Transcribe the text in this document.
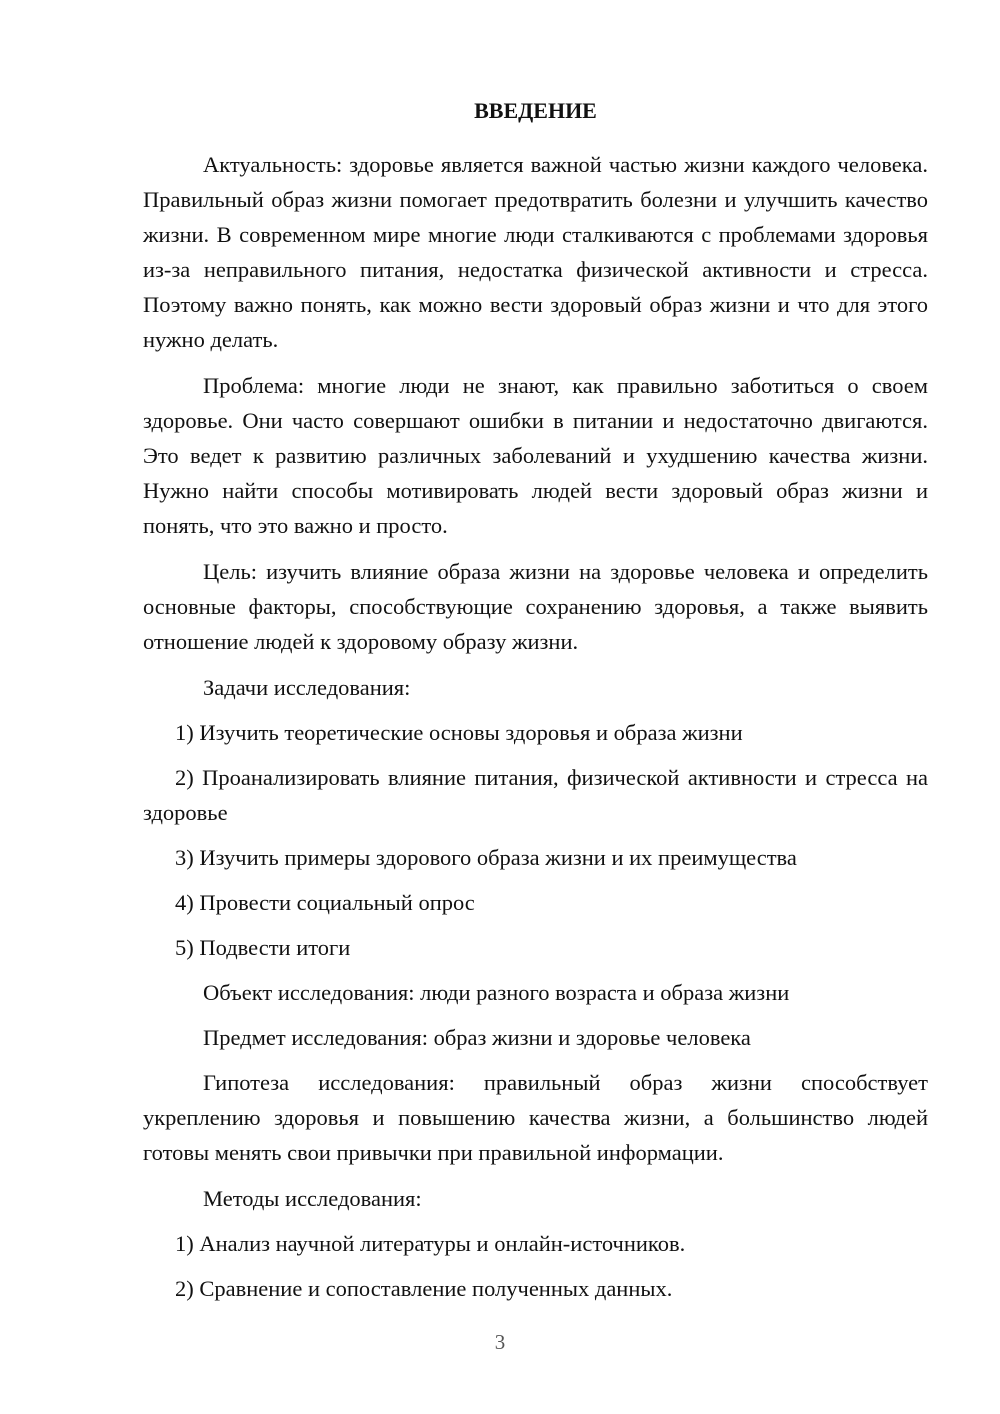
ВВЕДЕНИЕ

Актуальность: здоровье является важной частью жизни каждого человека. Правильный образ жизни помогает предотвратить болезни и улучшить качество жизни. В современном мире многие люди сталкиваются с проблемами здоровья из-за неправильного питания, недостатка физической активности и стресса. Поэтому важно понять, как можно вести здоровый образ жизни и что для этого нужно делать.

Проблема: многие люди не знают, как правильно заботиться о своем здоровье. Они часто совершают ошибки в питании и недостаточно двигаются. Это ведет к развитию различных заболеваний и ухудшению качества жизни. Нужно найти способы мотивировать людей вести здоровый образ жизни и понять, что это важно и просто.

Цель: изучить влияние образа жизни на здоровье человека и определить основные факторы, способствующие сохранению здоровья, а также выявить отношение людей к здоровому образу жизни.

Задачи исследования:

1) Изучить теоретические основы здоровья и образа жизни

2) Проанализировать влияние питания, физической активности и стресса на здоровье

3) Изучить примеры здорового образа жизни и их преимущества

4) Провести социальный опрос

5) Подвести итоги

Объект исследования: люди разного возраста и образа жизни

Предмет исследования: образ жизни и здоровье человека

Гипотеза исследования: правильный образ жизни способствует укреплению здоровья и повышению качества жизни, а большинство людей готовы менять свои привычки при правильной информации.

Методы исследования:

1) Анализ научной литературы и онлайн-источников.

2) Сравнение и сопоставление полученных данных.

3
